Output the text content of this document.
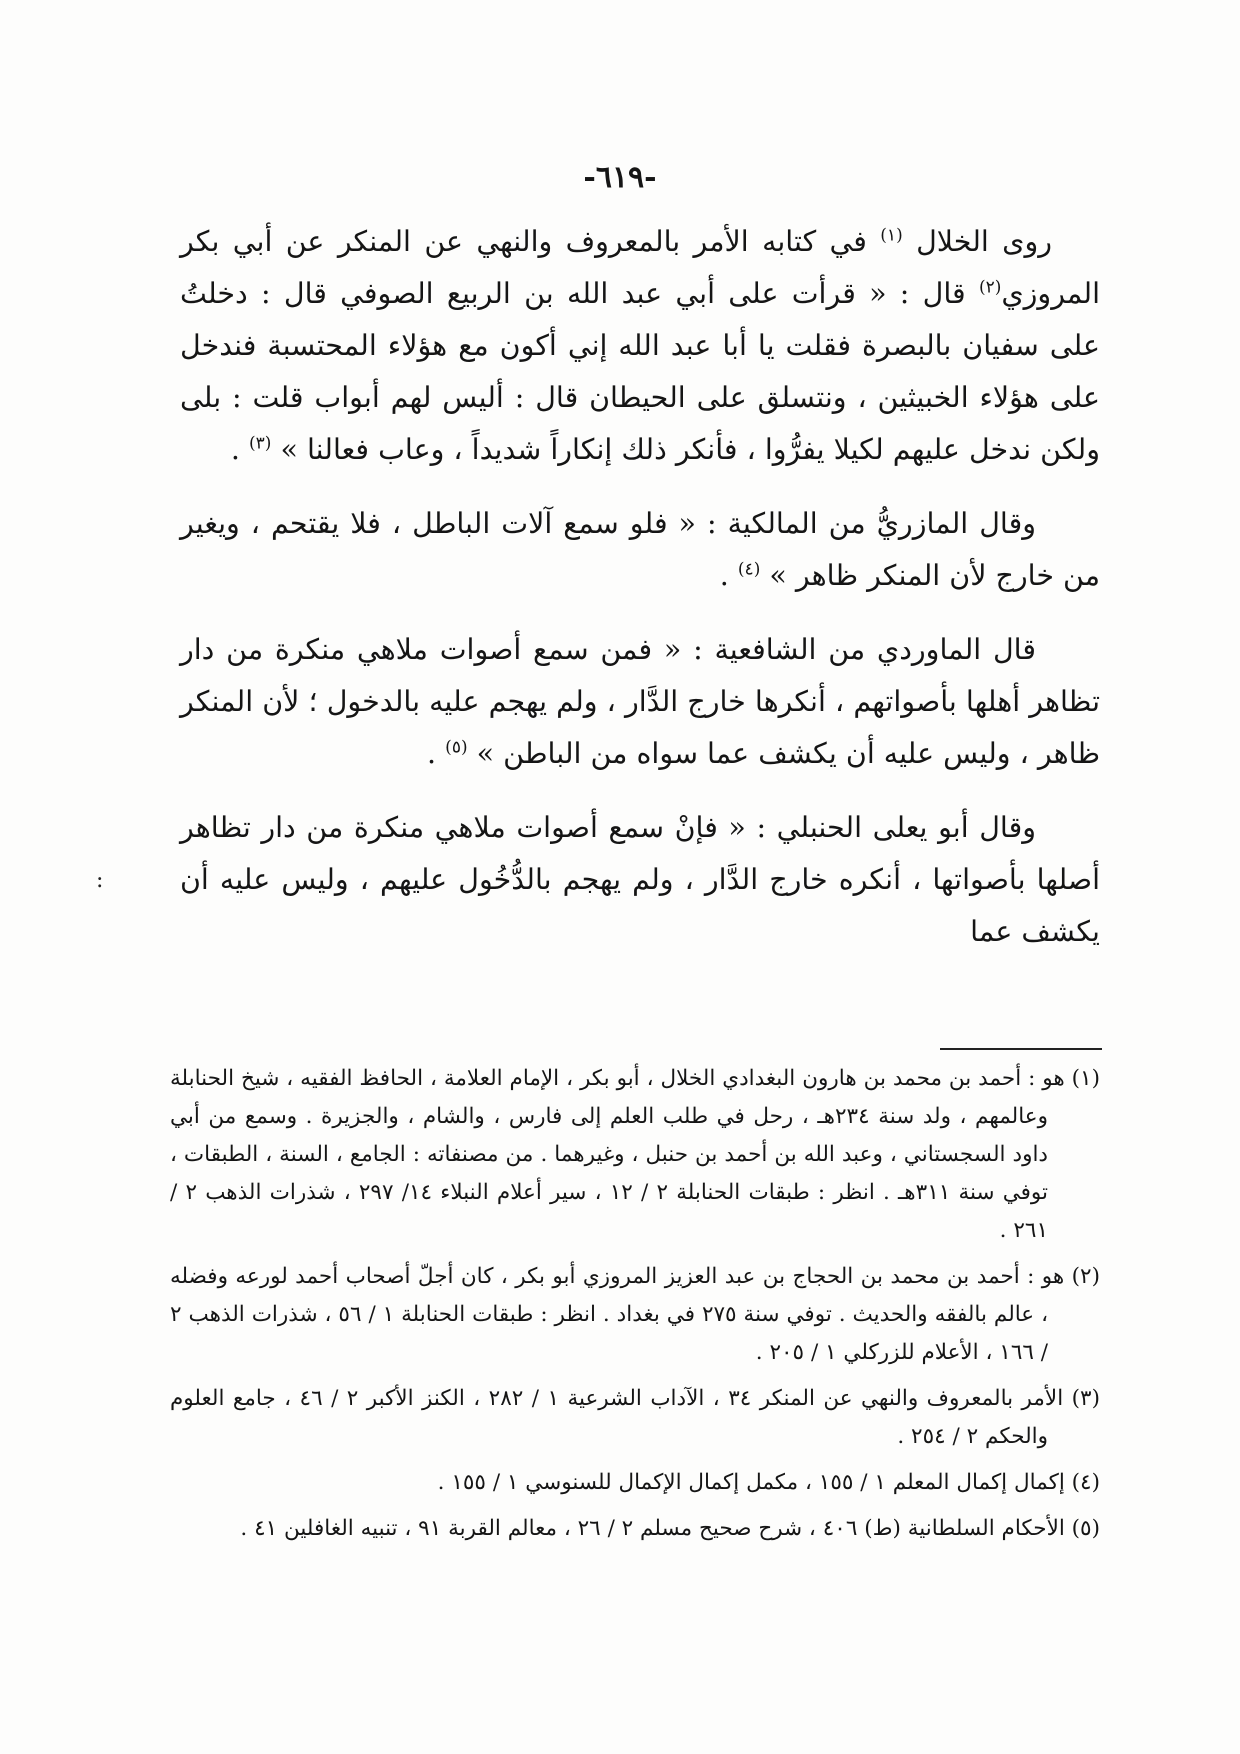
-٦١٩-

روى الخلال $^{(١)}$ في كتابه الأمر بالمعروف والنهي عن المنكر عن أبي بكر المروزي$^{(٢)}$ قال : « قرأت على أبي عبد الله بن الربيع الصوفي قال : دخلتُ على سفيان بالبصرة فقلت يا أبا عبد الله إني أكون مع هؤلاء المحتسبة فندخل على هؤلاء الخبيثين ، ونتسلق على الحيطان قال : أليس لهم أبواب قلت : بلى ولكن ندخل عليهم لكيلا يفرُّوا ، فأنكر ذلك إنكاراً شديداً ، وعاب فعالنا » $^{(٣)}$ .

وقال المازريُّ من المالكية : « فلو سمع آلات الباطل ، فلا يقتحم ، ويغير من خارج لأن المنكر ظاهر » $^{(٤)}$ .

قال الماوردي من الشافعية : « فمن سمع أصوات ملاهي منكرة من دار تظاهر أهلها بأصواتهم ، أنكرها خارج الدَّار ، ولم يهجم عليه بالدخول ؛ لأن المنكر ظاهر ، وليس عليه أن يكشف عما سواه من الباطن » $^{(٥)}$ .

وقال أبو يعلى الحنبلي : « فإنْ سمع أصوات ملاهي منكرة من دار تظاهر أصلها بأصواتها ، أنكره خارج الدَّار ، ولم يهجم بالدُّخُول عليهم ، وليس عليه أن يكشف عما

:

(١) هو : أحمد بن محمد بن هارون البغدادي الخلال ، أبو بكر ، الإمام العلامة ، الحافظ الفقيه ، شيخ الحنابلة وعالمهم ، ولد سنة ٢٣٤هـ ، رحل في طلب العلم إلى فارس ، والشام ، والجزيرة . وسمع من أبي داود السجستاني ، وعبد الله بن أحمد بن حنبل ، وغيرهما . من مصنفاته : الجامع ، السنة ، الطبقات ، توفي سنة ٣١١هـ . انظر : طبقات الحنابلة ٢ / ١٢ ، سير أعلام النبلاء ١٤/ ٢٩٧ ، شذرات الذهب ٢ / ٢٦١ .

(٢) هو : أحمد بن محمد بن الحجاج بن عبد العزيز المروزي أبو بكر ، كان أجلّ أصحاب أحمد لورعه وفضله ، عالم بالفقه والحديث . توفي سنة ٢٧٥ في بغداد . انظر : طبقات الحنابلة ١ / ٥٦ ، شذرات الذهب ٢ / ١٦٦ ، الأعلام للزركلي ١ / ٢٠٥ .

(٣) الأمر بالمعروف والنهي عن المنكر ٣٤ ، الآداب الشرعية ١ / ٢٨٢ ، الكنز الأكبر ٢ / ٤٦ ، جامع العلوم والحكم ٢ / ٢٥٤ .

(٤) إكمال إكمال المعلم ١ / ١٥٥ ، مكمل إكمال الإكمال للسنوسي ١ / ١٥٥ .

(٥) الأحكام السلطانية (ط) ٤٠٦ ، شرح صحيح مسلم ٢ / ٢٦ ، معالم القربة ٩١ ، تنبيه الغافلين ٤١ .
